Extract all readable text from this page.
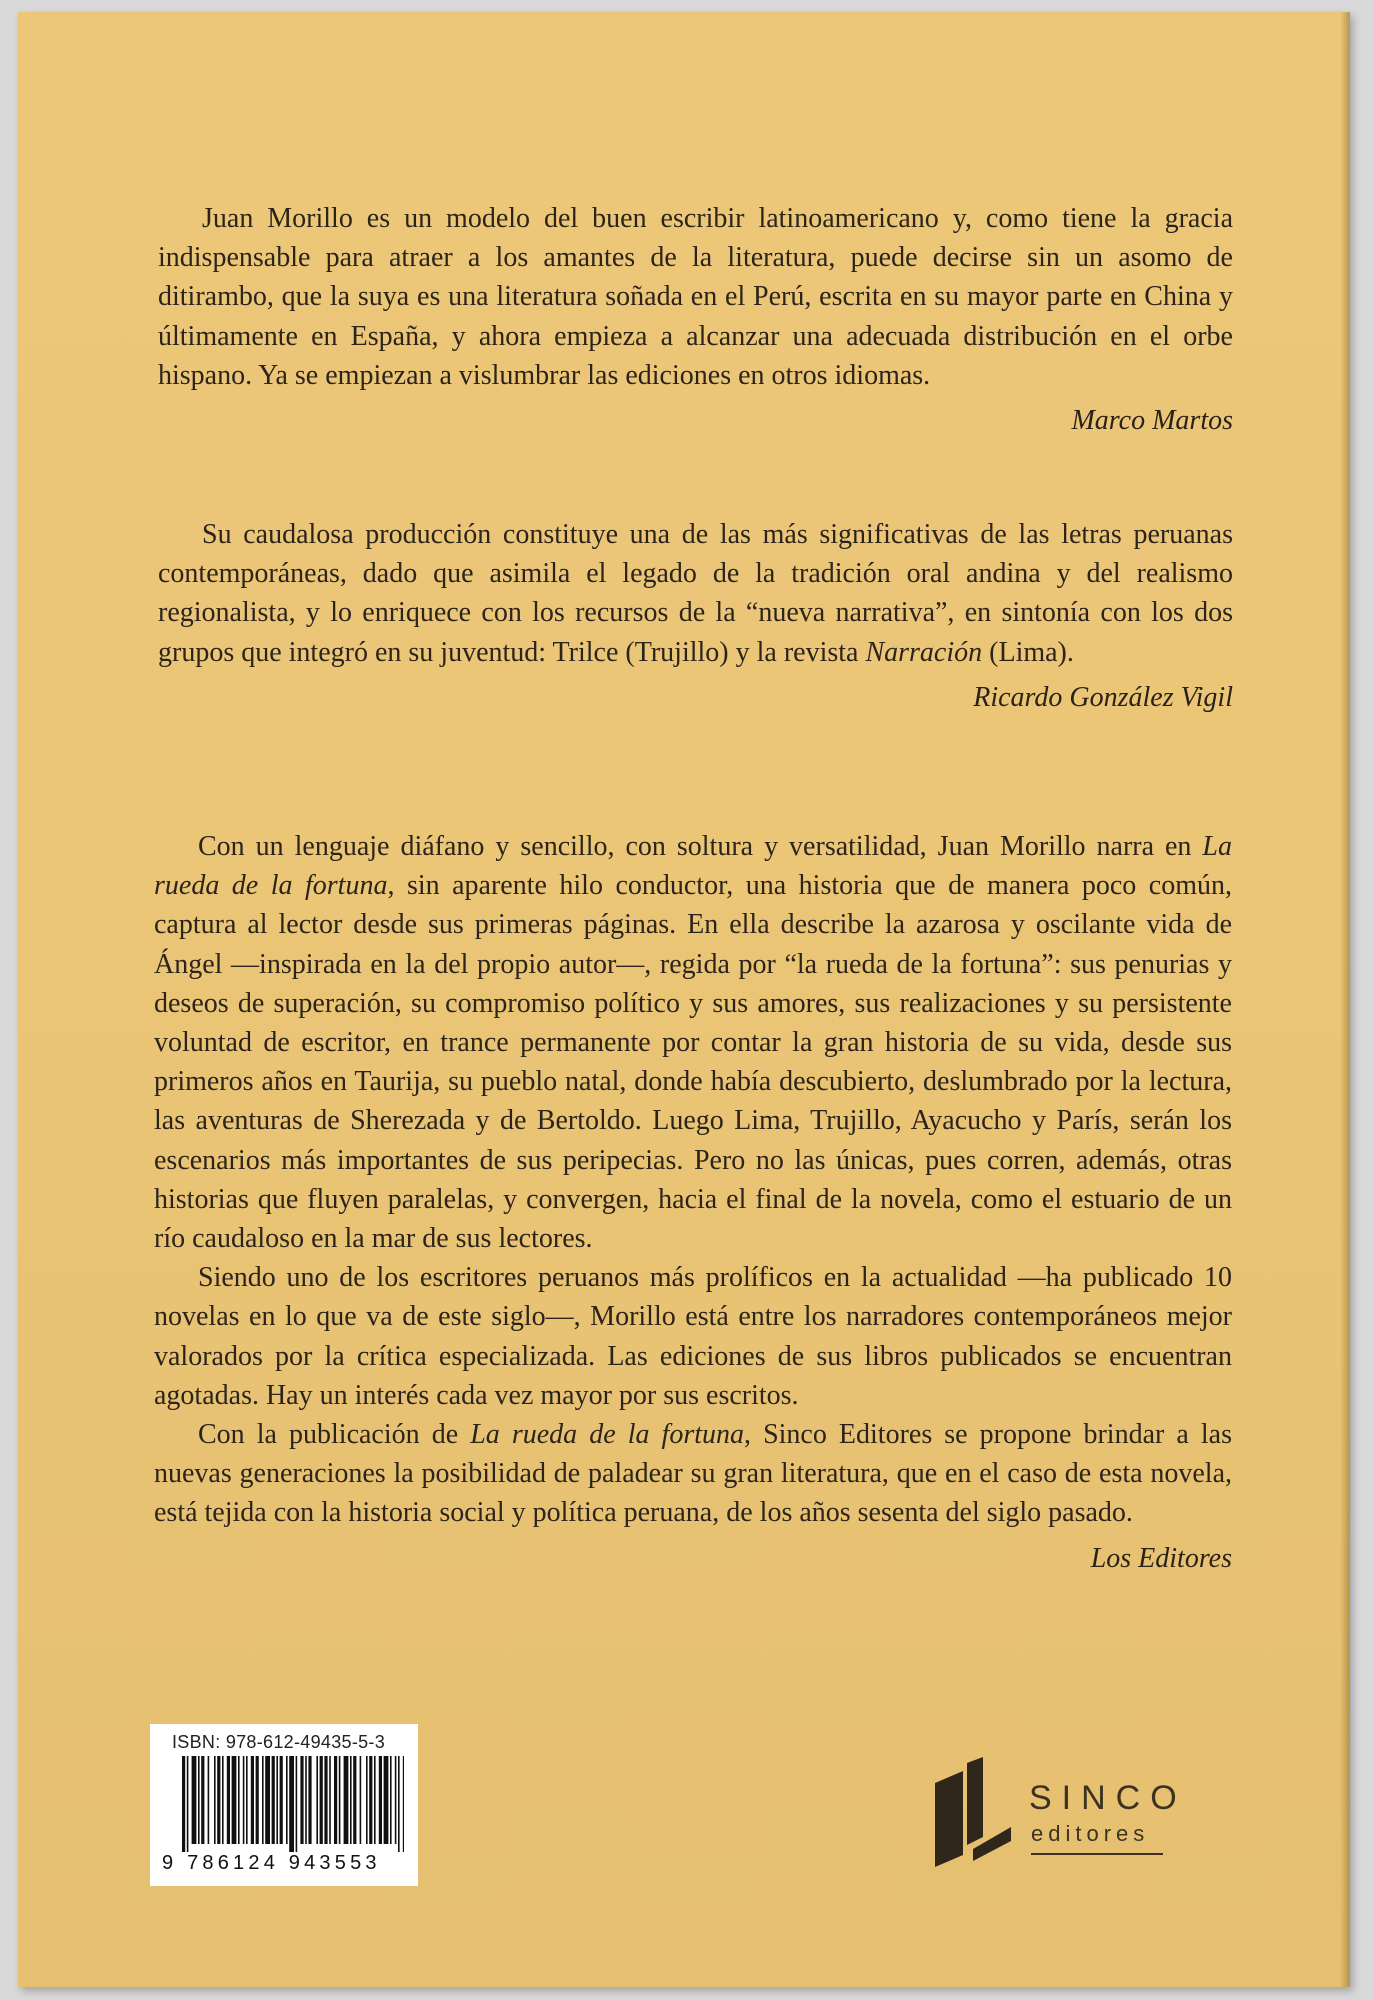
Juan Morillo es un modelo del buen escribir latinoamericano y, como tiene la gracia indispensable para atraer a los amantes de la literatura, puede decirse sin un asomo de ditirambo, que la suya es una literatura soñada en el Perú, escrita en su mayor parte en China y últimamente en España, y ahora empieza a alcanzar una adecuada distribución en el orbe hispano. Ya se empiezan a vislumbrar las ediciones en otros idiomas.

Marco Martos

Su caudalosa producción constituye una de las más significativas de las letras peruanas contemporáneas, dado que asimila el legado de la tradición oral andina y del realismo regionalista, y lo enriquece con los recursos de la “nueva narrativa”, en sintonía con los dos grupos que integró en su juventud: Trilce (Trujillo) y la revista Narración (Lima).

Ricardo González Vigil

Con un lenguaje diáfano y sencillo, con soltura y versatilidad, Juan Morillo narra en La rueda de la fortuna, sin aparente hilo conductor, una historia que de manera poco común, captura al lector desde sus primeras páginas. En ella describe la azarosa y oscilante vida de Ángel —inspirada en la del propio autor—, regida por “la rueda de la fortuna”: sus penurias y deseos de superación, su compromiso político y sus amores, sus realizaciones y su persistente voluntad de escritor, en trance permanente por contar la gran historia de su vida, desde sus primeros años en Taurija, su pueblo natal, donde había descubierto, deslumbrado por la lectura, las aventuras de Sherezada y de Bertoldo. Luego Lima, Trujillo, Ayacucho y París, serán los escenarios más importantes de sus peripecias. Pero no las únicas, pues corren, además, otras historias que fluyen paralelas, y convergen, hacia el final de la novela, como el estuario de un río caudaloso en la mar de sus lectores.

Siendo uno de los escritores peruanos más prolíficos en la actualidad —ha publicado 10 novelas en lo que va de este siglo—, Morillo está entre los narradores contemporáneos mejor valorados por la crítica especializada. Las ediciones de sus libros publicados se encuentran agotadas. Hay un interés cada vez mayor por sus escritos.

Con la publicación de La rueda de la fortuna, Sinco Editores se propone brindar a las nuevas generaciones la posibilidad de paladear su gran literatura, que en el caso de esta novela, está tejida con la historia social y política peruana, de los años sesenta del siglo pasado.

Los Editores
ISBN: 978-612-49435-5-3
9 786124 943553
SINCO
editores
